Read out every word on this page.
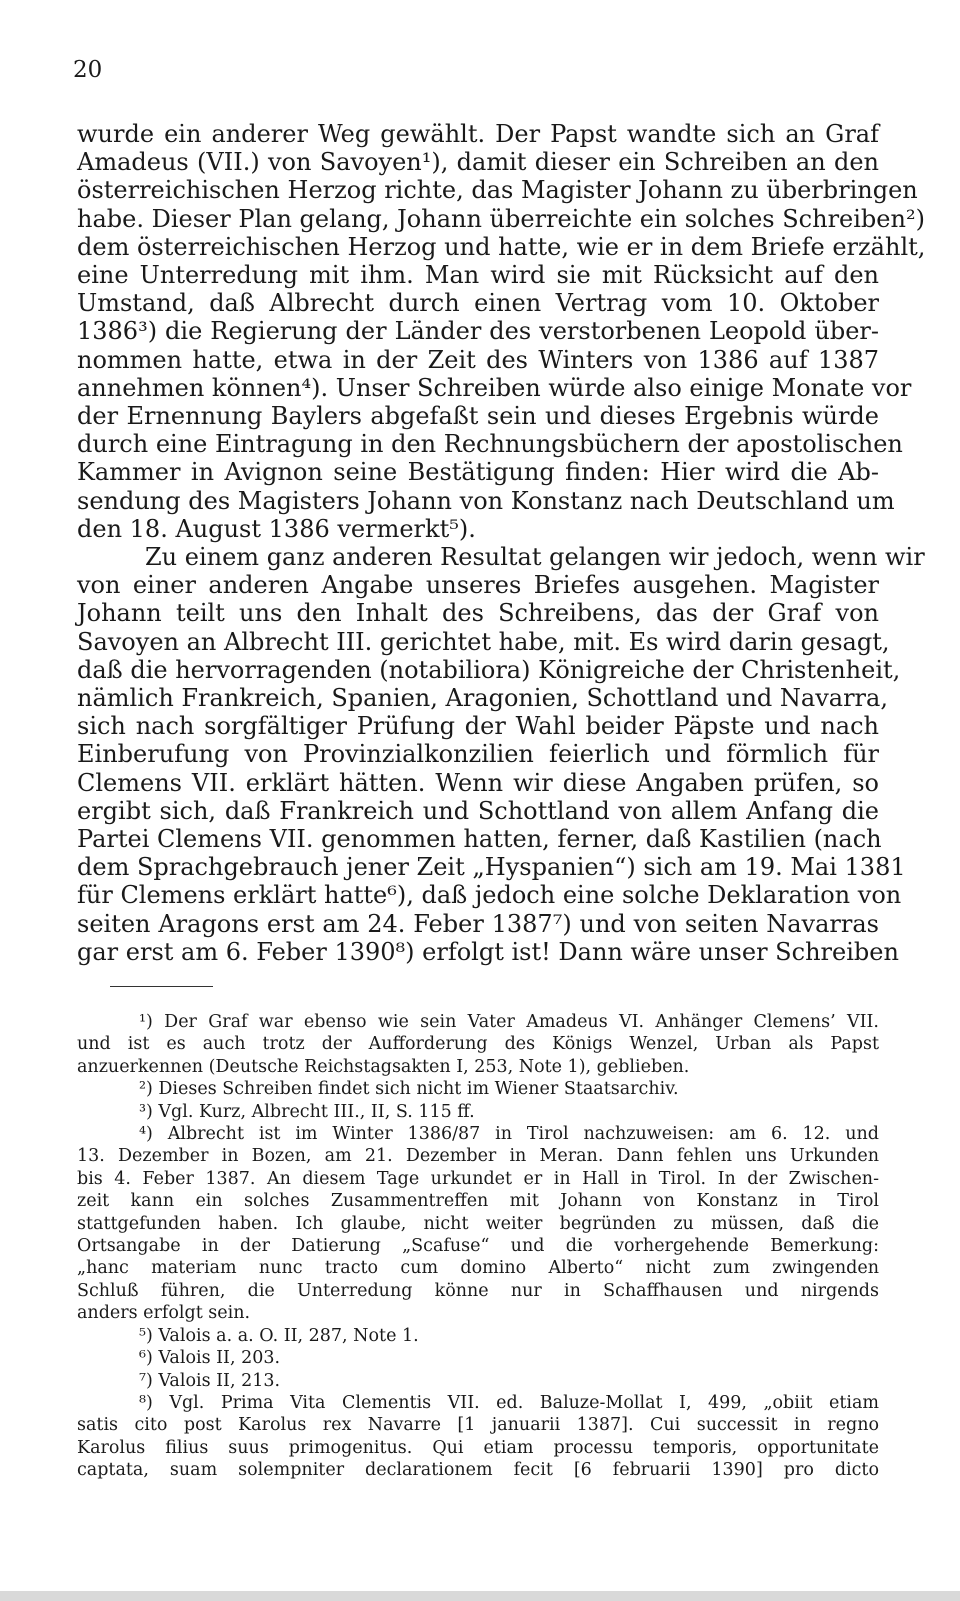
20

wurde ein anderer Weg gewählt. Der Papst wandte sich an Graf
Amadeus (VII.) von Savoyen¹), damit dieser ein Schreiben an den
österreichischen Herzog richte, das Magister Johann zu überbringen
habe. Dieser Plan gelang, Johann überreichte ein solches Schreiben²)
dem österreichischen Herzog und hatte, wie er in dem Briefe erzählt,
eine Unterredung mit ihm. Man wird sie mit Rücksicht auf den
Umstand, daß Albrecht durch einen Vertrag vom 10. Oktober
1386³) die Regierung der Länder des verstorbenen Leopold über-
nommen hatte, etwa in der Zeit des Winters von 1386 auf 1387
annehmen können⁴). Unser Schreiben würde also einige Monate vor
der Ernennung Baylers abgefaßt sein und dieses Ergebnis würde
durch eine Eintragung in den Rechnungsbüchern der apostolischen
Kammer in Avignon seine Bestätigung finden: Hier wird die Ab-
sendung des Magisters Johann von Konstanz nach Deutschland um
den 18. August 1386 vermerkt⁵).
Zu einem ganz anderen Resultat gelangen wir jedoch, wenn wir
von einer anderen Angabe unseres Briefes ausgehen. Magister
Johann teilt uns den Inhalt des Schreibens, das der Graf von
Savoyen an Albrecht III. gerichtet habe, mit. Es wird darin gesagt,
daß die hervorragenden (notabiliora) Königreiche der Christenheit,
nämlich Frankreich, Spanien, Aragonien, Schottland und Navarra,
sich nach sorgfältiger Prüfung der Wahl beider Päpste und nach
Einberufung von Provinzialkonzilien feierlich und förmlich für
Clemens VII. erklärt hätten. Wenn wir diese Angaben prüfen, so
ergibt sich, daß Frankreich und Schottland von allem Anfang die
Partei Clemens VII. genommen hatten, ferner, daß Kastilien (nach
dem Sprachgebrauch jener Zeit „Hyspanien“) sich am 19. Mai 1381
für Clemens erklärt hatte⁶), daß jedoch eine solche Deklaration von
seiten Aragons erst am 24. Feber 1387⁷) und von seiten Navarras
gar erst am 6. Feber 1390⁸) erfolgt ist! Dann wäre unser Schreiben

¹) Der Graf war ebenso wie sein Vater Amadeus VI. Anhänger Clemens’ VII.
und ist es auch trotz der Aufforderung des Königs Wenzel, Urban als Papst
anzuerkennen (Deutsche Reichstagsakten I, 253, Note 1), geblieben.
²) Dieses Schreiben findet sich nicht im Wiener Staatsarchiv.
³) Vgl. Kurz, Albrecht III., II, S. 115 ff.
⁴) Albrecht ist im Winter 1386/87 in Tirol nachzuweisen: am 6. 12. und
13. Dezember in Bozen, am 21. Dezember in Meran. Dann fehlen uns Urkunden
bis 4. Feber 1387. An diesem Tage urkundet er in Hall in Tirol. In der Zwischen-
zeit kann ein solches Zusammentreffen mit Johann von Konstanz in Tirol
stattgefunden haben. Ich glaube, nicht weiter begründen zu müssen, daß die
Ortsangabe in der Datierung „Scafuse“ und die vorhergehende Bemerkung:
„hanc materiam nunc tracto cum domino Alberto“ nicht zum zwingenden
Schluß führen, die Unterredung könne nur in Schaffhausen und nirgends
anders erfolgt sein.
⁵) Valois a. a. O. II, 287, Note 1.
⁶) Valois II, 203.
⁷) Valois II, 213.
⁸) Vgl. Prima Vita Clementis VII. ed. Baluze-Mollat I, 499, „obiit etiam
satis cito post Karolus rex Navarre [1 januarii 1387]. Cui successit in regno
Karolus filius suus primogenitus. Qui etiam processu temporis, opportunitate
captata, suam solempniter declarationem fecit [6 februarii 1390] pro dicto
